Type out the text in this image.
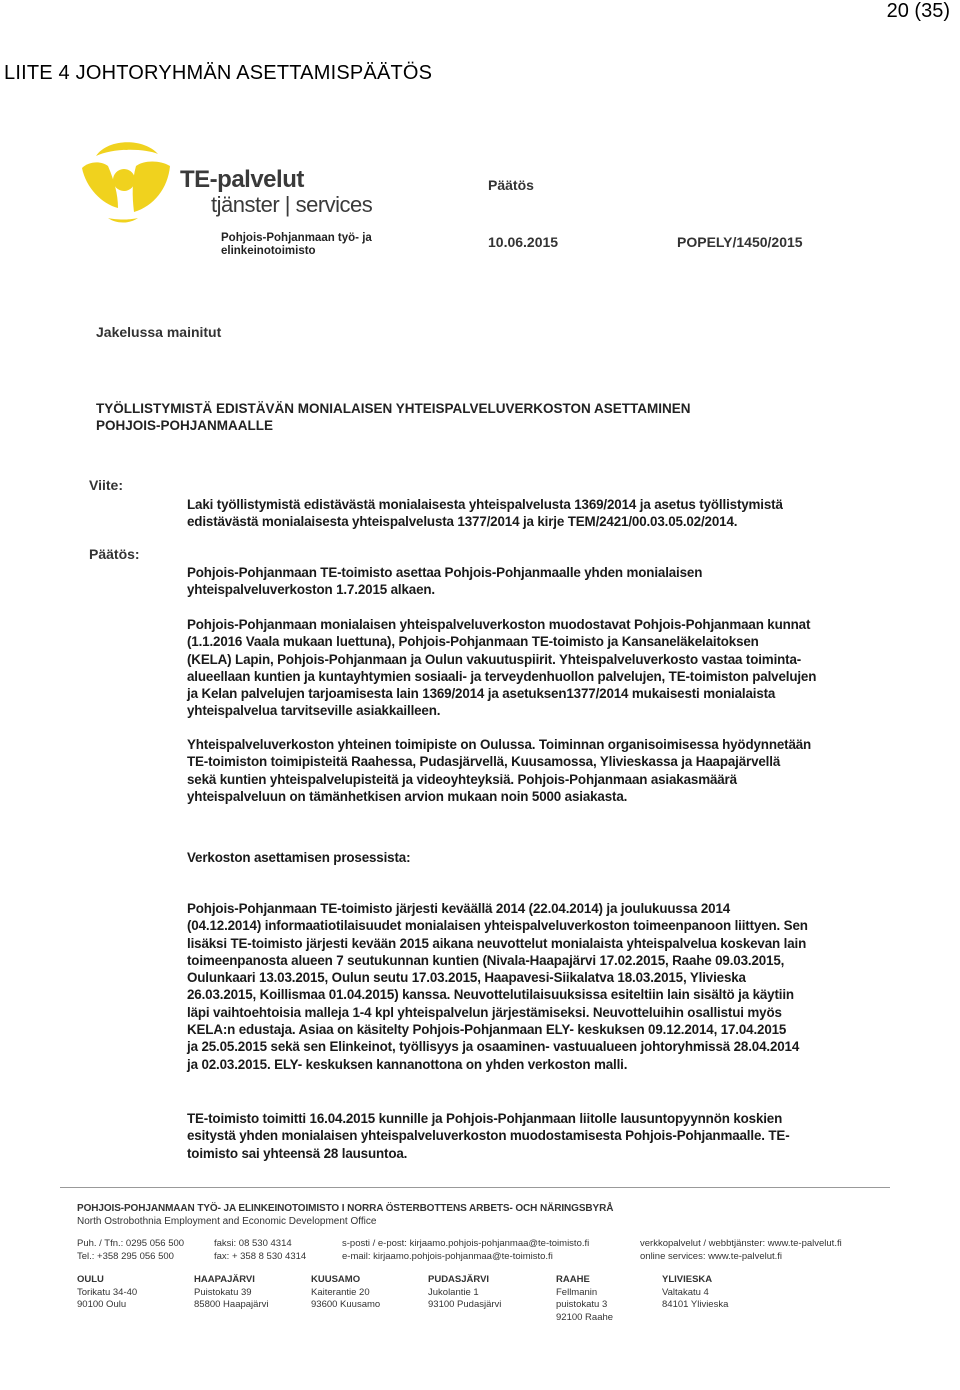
20 (35)
LIITE 4 JOHTORYHMÄN ASETTAMISPÄÄTÖS
TE-palvelut
tjänster | services
Pohjois-Pohjanmaan työ- ja
elinkeinotoimisto
Päätös
10.06.2015	POPELY/1450/2015
Jakelussa mainitut
TYÖLLISTYMISTÄ EDISTÄVÄN MONIALAISEN YHTEISPALVELUVERKOSTON ASETTAMINEN
POHJOIS-POHJANMAALLE
Viite:
Päätös:
Laki työllistymistä edistävästä monialaisesta yhteispalvelusta 1369/2014 ja asetus työllistymistä
edistävästä monialaisesta yhteispalvelusta 1377/2014 ja kirje TEM/2421/00.03.05.02/2014.
Pohjois-Pohjanmaan TE-toimisto asettaa Pohjois-Pohjanmaalle yhden monialaisen
yhteispalveluverkoston 1.7.2015 alkaen.
Pohjois-Pohjanmaan monialaisen yhteispalveluverkoston muodostavat Pohjois-Pohjanmaan kunnat
(1.1.2016 Vaala mukaan luettuna), Pohjois-Pohjanmaan TE-toimisto ja Kansaneläkelaitoksen
(KELA) Lapin, Pohjois-Pohjanmaan ja Oulun vakuutuspiirit. Yhteispalveluverkosto vastaa toiminta-
alueellaan kuntien ja kuntayhtymien sosiaali- ja terveydenhuollon palvelujen, TE-toimiston palvelujen
ja Kelan palvelujen tarjoamisesta lain 1369/2014 ja asetuksen1377/2014 mukaisesti monialaista
yhteispalvelua tarvitseville asiakkailleen.
Yhteispalveluverkoston yhteinen toimipiste on Oulussa. Toiminnan organisoimisessa hyödynnetään
TE-toimiston toimipisteitä Raahessa, Pudasjärvellä, Kuusamossa, Ylivieskassa ja Haapajärvellä
sekä kuntien yhteispalvelupisteitä ja videoyhteyksiä. Pohjois-Pohjanmaan asiakasmäärä
yhteispalveluun on tämänhetkisen arvion mukaan noin 5000 asiakasta.
Verkoston asettamisen prosessista:
Pohjois-Pohjanmaan TE-toimisto järjesti keväällä 2014 (22.04.2014) ja joulukuussa 2014
(04.12.2014) informaatiotilaisuudet monialaisen yhteispalveluverkoston toimeenpanoon liittyen. Sen
lisäksi TE-toimisto järjesti kevään 2015 aikana neuvottelut monialaista yhteispalvelua koskevan lain
toimeenpanosta alueen 7 seutukunnan kuntien (Nivala-Haapajärvi 17.02.2015, Raahe 09.03.2015,
Oulunkaari 13.03.2015, Oulun seutu 17.03.2015, Haapavesi-Siikalatva 18.03.2015, Ylivieska
26.03.2015, Koillismaa 01.04.2015) kanssa. Neuvottelutilaisuuksissa esiteltiin lain sisältö ja käytiin
läpi vaihtoehtoisia malleja 1-4 kpl yhteispalvelun järjestämiseksi. Neuvotteluihin osallistui myös
KELA:n edustaja. Asiaa on käsitelty Pohjois-Pohjanmaan ELY- keskuksen 09.12.2014, 17.04.2015
ja 25.05.2015 sekä sen Elinkeinot, työllisyys ja osaaminen- vastuualueen johtoryhmissä 28.04.2014
ja 02.03.2015. ELY- keskuksen kannanottona on yhden verkoston malli.
TE-toimisto toimitti 16.04.2015 kunnille ja Pohjois-Pohjanmaan liitolle lausuntopyynnön koskien
esitystä yhden monialaisen yhteispalveluverkoston muodostamisesta Pohjois-Pohjanmaalle. TE-
toimisto sai yhteensä 28 lausuntoa.
POHJOIS-POHJANMAAN TYÖ- JA ELINKEINOTOIMISTO I NORRA ÖSTERBOTTENS ARBETS- OCH NÄRINGSBYRÅ
North Ostrobothnia Employment and Economic Development Office
Puh. / Tfn.: 0295 056 500
Tel.: +358 295 056 500
faksi: 08 530 4314
fax: + 358 8 530 4314
s-posti / e-post: kirjaamo.pohjois-pohjanmaa@te-toimisto.fi
e-mail: kirjaamo.pohjois-pohjanmaa@te-toimisto.fi
verkkopalvelut / webbtjänster: www.te-palvelut.fi
online services: www.te-palvelut.fi
OULU
Torikatu 34-40
90100 Oulu
HAAPAJÄRVI
Puistokatu 39
85800 Haapajärvi
KUUSAMO
Kaiterantie 20
93600 Kuusamo
PUDASJÄRVI
Jukolantie 1
93100 Pudasjärvi
RAAHE
Fellmanin
puistokatu 3
92100 Raahe
YLIVIESKA
Valtakatu 4
84101 Ylivieska
